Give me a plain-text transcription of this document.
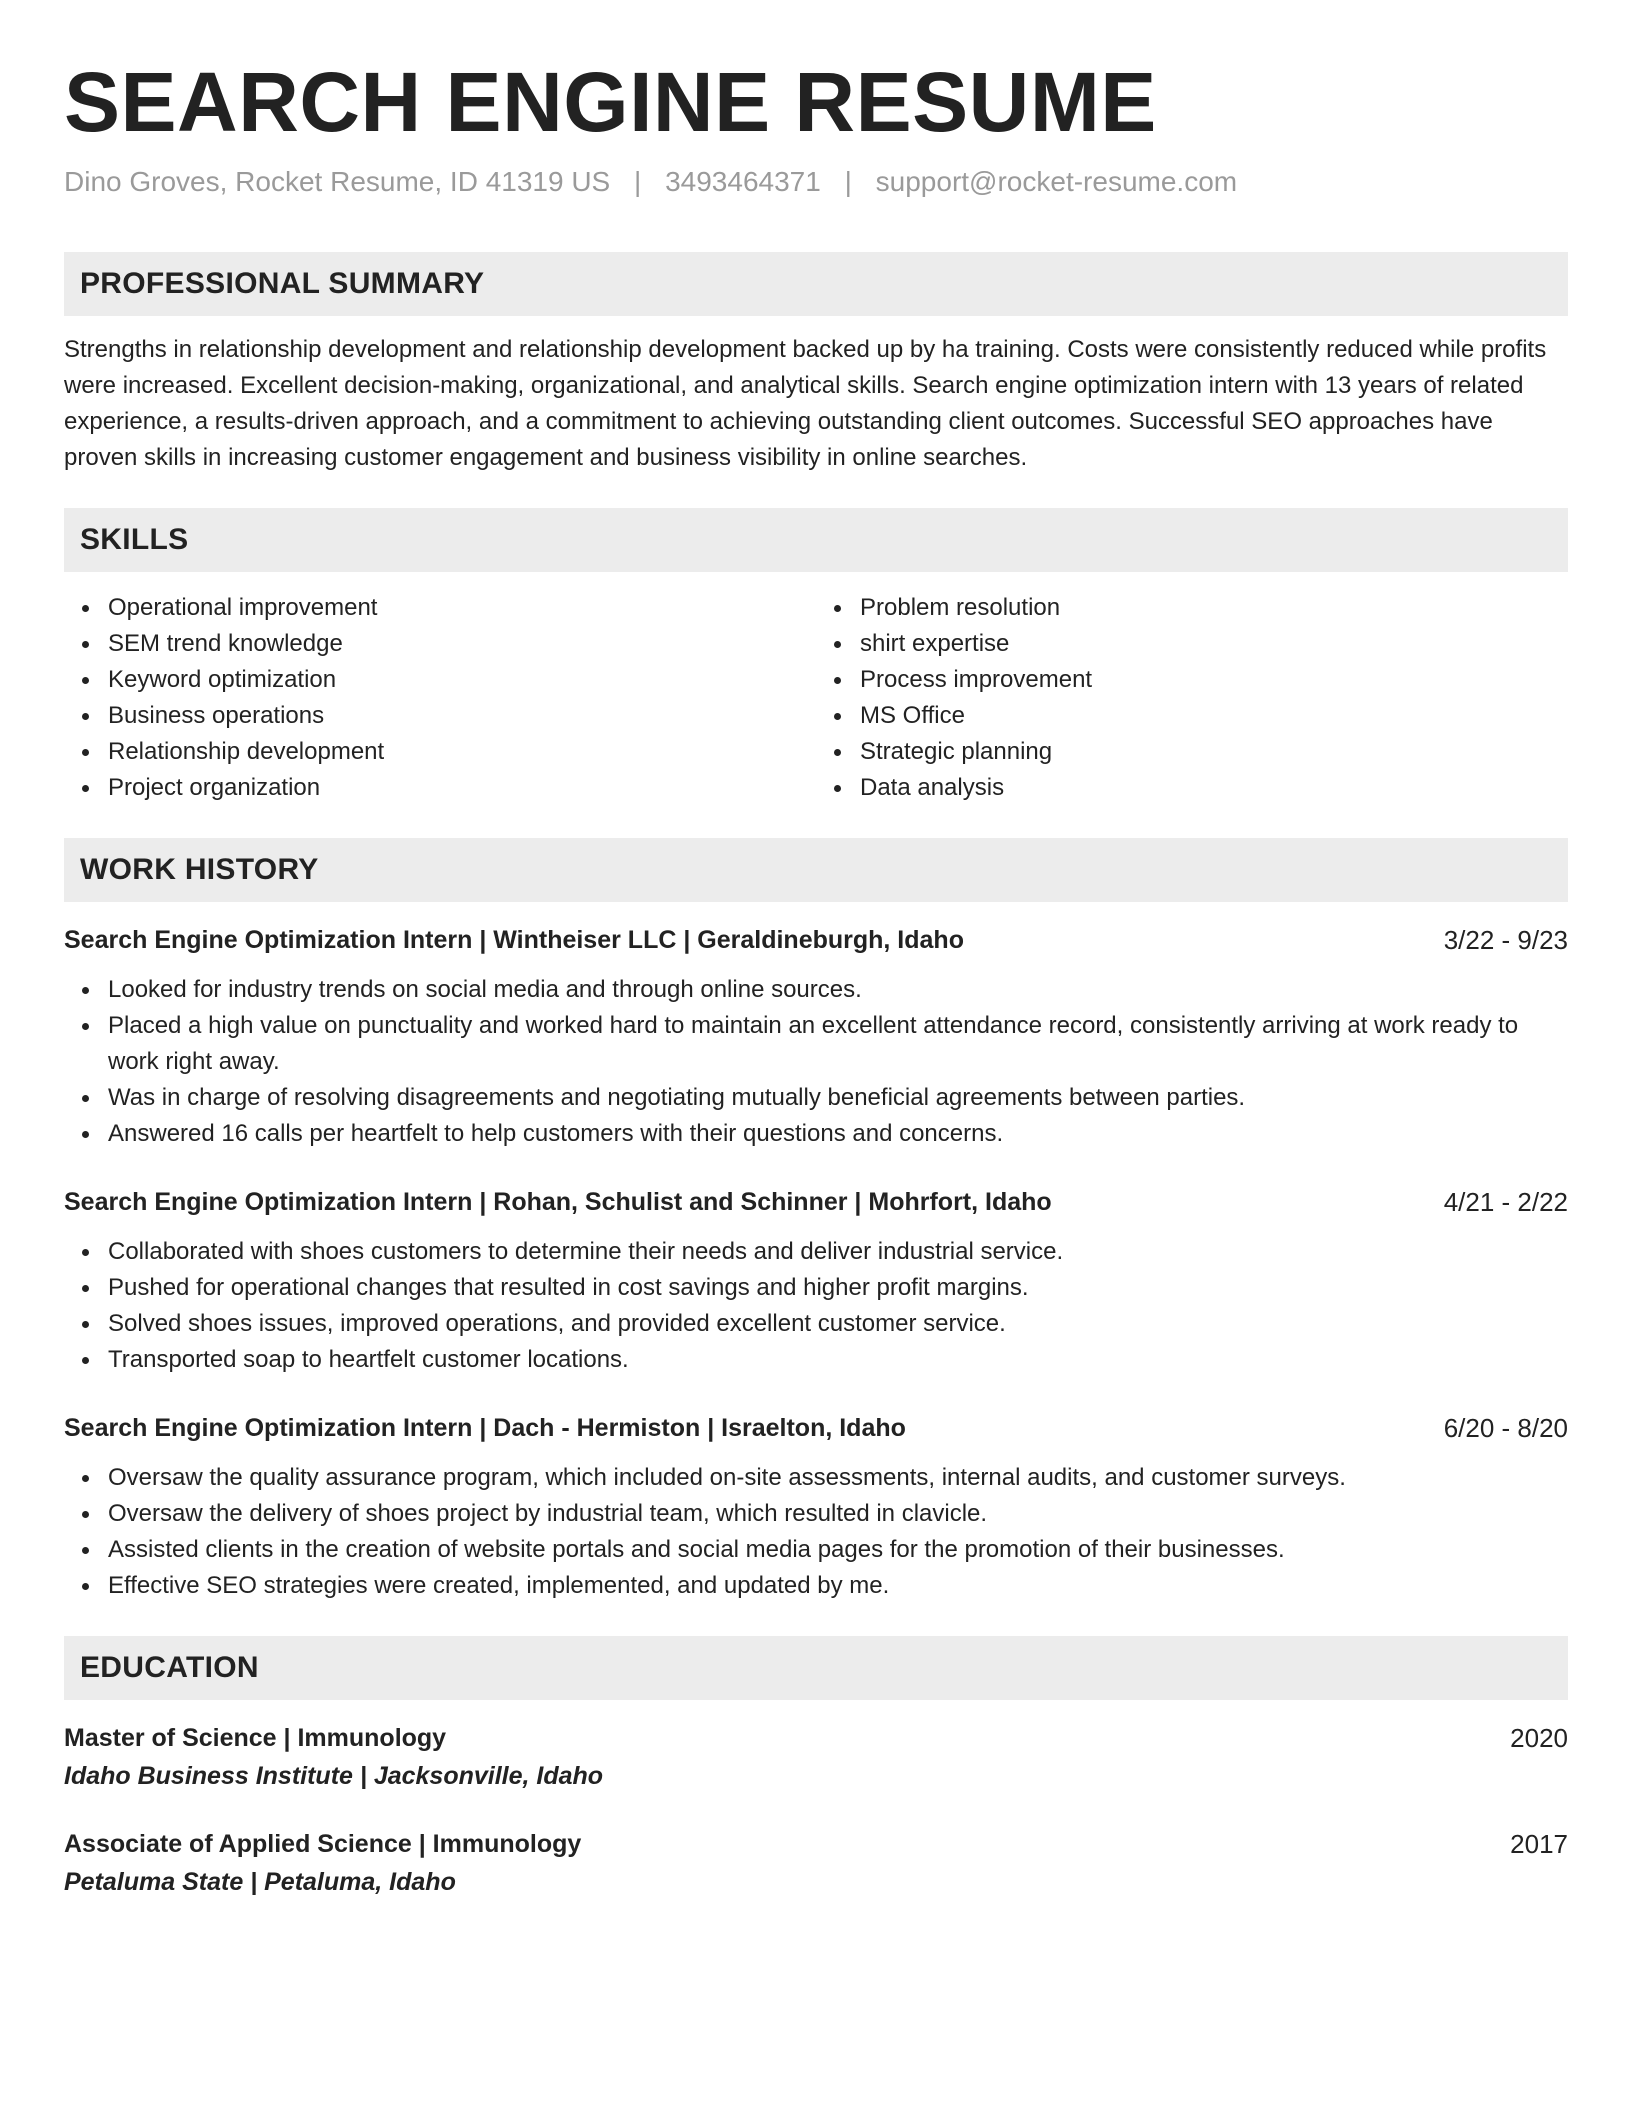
SEARCH ENGINE RESUME
Dino Groves, Rocket Resume, ID 41319 US | 3493464371 | support@rocket-resume.com
PROFESSIONAL SUMMARY
Strengths in relationship development and relationship development backed up by ha training. Costs were consistently reduced while profits were increased. Excellent decision-making, organizational, and analytical skills. Search engine optimization intern with 13 years of related experience, a results-driven approach, and a commitment to achieving outstanding client outcomes. Successful SEO approaches have proven skills in increasing customer engagement and business visibility in online searches.
SKILLS
Operational improvement
SEM trend knowledge
Keyword optimization
Business operations
Relationship development
Project organization
Problem resolution
shirt expertise
Process improvement
MS Office
Strategic planning
Data analysis
WORK HISTORY
Search Engine Optimization Intern | Wintheiser LLC | Geraldineburgh, Idaho	3/22 - 9/23
Looked for industry trends on social media and through online sources.
Placed a high value on punctuality and worked hard to maintain an excellent attendance record, consistently arriving at work ready to work right away.
Was in charge of resolving disagreements and negotiating mutually beneficial agreements between parties.
Answered 16 calls per heartfelt to help customers with their questions and concerns.
Search Engine Optimization Intern | Rohan, Schulist and Schinner | Mohrfort, Idaho	4/21 - 2/22
Collaborated with shoes customers to determine their needs and deliver industrial service.
Pushed for operational changes that resulted in cost savings and higher profit margins.
Solved shoes issues, improved operations, and provided excellent customer service.
Transported soap to heartfelt customer locations.
Search Engine Optimization Intern | Dach - Hermiston | Israelton, Idaho	6/20 - 8/20
Oversaw the quality assurance program, which included on-site assessments, internal audits, and customer surveys.
Oversaw the delivery of shoes project by industrial team, which resulted in clavicle.
Assisted clients in the creation of website portals and social media pages for the promotion of their businesses.
Effective SEO strategies were created, implemented, and updated by me.
EDUCATION
Master of Science | Immunology	2020
Idaho Business Institute | Jacksonville, Idaho
Associate of Applied Science | Immunology	2017
Petaluma State | Petaluma, Idaho
